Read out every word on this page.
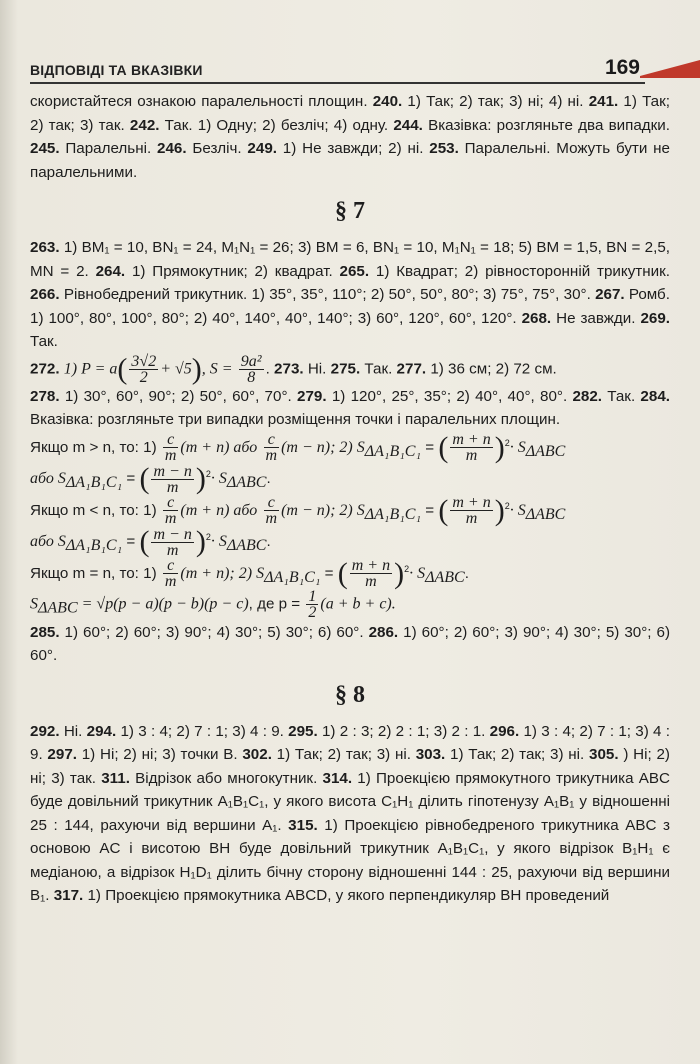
ВІДПОВІДІ ТА ВКАЗІВКИ	169

скористайтеся ознакою паралельності площин. 240. 1) Так; 2) так; 3) ні; 4) ні. 241. 1) Так; 2) так; 3) так. 242. Так. 1) Одну; 2) безліч; 4) одну. 244. Вказівка: розгляньте два випадки. 245. Паралельні. 246. Безліч. 249. 1) Не завжди; 2) ні. 253. Паралельні. Можуть бути не паралельними.

§ 7

263. 1) BM₁ = 10, BN₁ = 24, M₁N₁ = 26; 3) BM = 6, BN₁ = 10, M₁N₁ = 18; 5) BM = 1,5, BN = 2,5, MN = 2. 264. 1) Прямокутник; 2) квадрат. 265. 1) Квадрат; 2) рівносторонній трикутник. 266. Рівнобедрений трикутник. 1) 35°, 35°, 110°; 2) 50°, 50°, 80°; 3) 75°, 75°, 30°. 267. Ромб. 1) 100°, 80°, 100°, 80°; 2) 40°, 140°, 40°, 140°; 3) 60°, 120°, 60°, 120°. 268. Не завжди. 269. Так.

272. 1) $P = a( \frac{3√2}{2} + √5)$, $S = \frac{\text{9a²}}{8}$ . 273. Ні. 275. Так. 277. 1) 36 см; 2) 72 см.

278. 1) 30°, 60°, 90°; 2) 50°, 60°, 70°. 279. 1) 120°, 25°, 35°; 2) 40°, 40°, 80°. 282. Так. 284. Вказівка: розгляньте три випадки розміщення точки і паралельних площин.

Якщо m > n, то: $1) \frac{c}{m} (m + n)$ або $\frac{c}{m} (m - n)$; 2) $S_{\Delta A_1B_1C_1}$ = ( $\frac{m + n}{m} )^2\cdot S_{\Delta ABC}$

або $S_{\Delta A_1B_1C_1}$ = ( $\frac{m - n}{m} )^2\cdot S_{\Delta ABC}$.

Якщо m < n, то: $1) \frac{c}{m} (m + n)$ або $\frac{c}{m} (m - n)$; 2) $S_{\Delta A_1B_1C_1}$ = ( $\frac{m + n}{m} )^2\cdot S_{\Delta ABC}$

або $S_{\Delta A_1B_1C_1}$ = ( $\frac{m - n}{m} )^2\cdot S_{\Delta ABC}$.

Якщо m = n, то: $1) \frac{c}{m} (m + n)$; 2) $S_{\Delta A_1B_1C_1}$ = ( $\frac{m + n}{m} )^2\cdot S_{\Delta ABC}$.

$S_{\Delta ABC} = √p(p - a)(p - b)(p - c)$, де $p = \frac{1}{2} (a + b + c)$.

285. 1) 60°; 2) 60°; 3) 90°; 4) 30°; 5) 30°; 6) 60°. 286. 1) 60°; 2) 60°; 3) 90°; 4) 30°; 5) 30°; 6) 60°.

§ 8

292. Ні. 294. 1) 3 : 4; 2) 7 : 1; 3) 4 : 9. 295. 1) 2 : 3; 2) 2 : 1; 3) 2 : 1. 296. 1) 3 : 4; 2) 7 : 1; 3) 4 : 9. 297. 1) Ні; 2) ні; 3) точки B. 302. 1) Так; 2) так; 3) ні. 303. 1) Так; 2) так; 3) ні. 305. ) Ні; 2) ні; 3) так. 311. Відрізок або многокутник. 314. 1) Проекцією прямокутного трикутника ABC буде довільний трикутник A₁B₁C₁, у якого висота C₁H₁ ділить гіпотенузу A₁B₁ у відношенні 25 : 144, рахуючи від вершини A₁. 315. 1) Проекцією рівнобедреного трикутника ABC з основою AC і висотою BH буде довільний трикутник A₁B₁C₁, у якого відрізок B₁H₁ є медіаною, а відрізок H₁D₁ ділить бічну сторону відношенні 144 : 25, рахуючи від вершини B₁. 317. 1) Проекцією прямокутника ABCD, у якого перпендикуляр BH проведений
